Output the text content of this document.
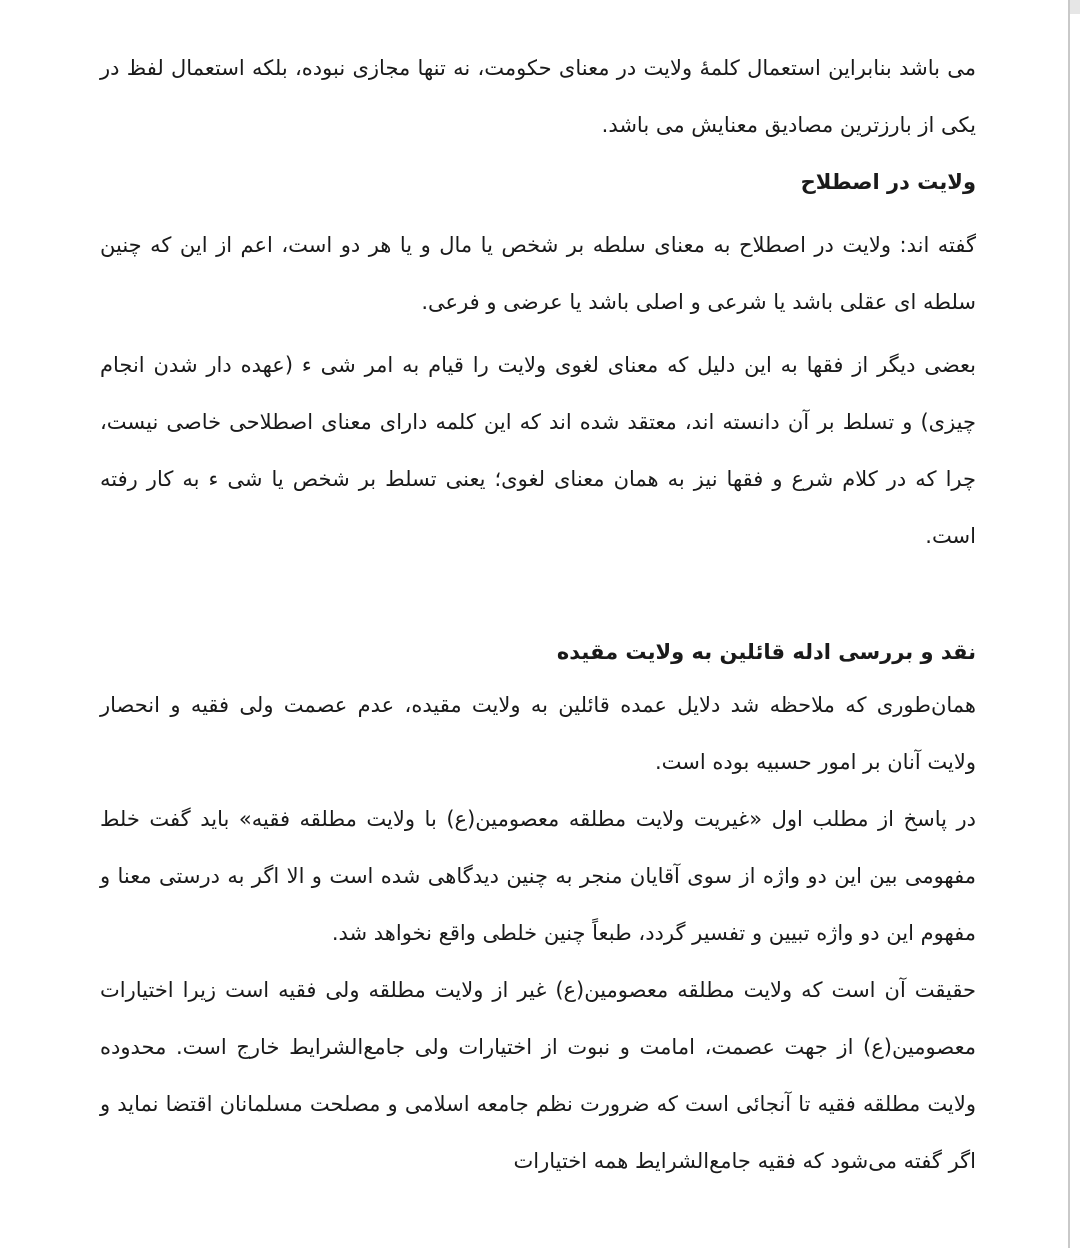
می باشد بنابراین استعمال کلمۀ ولایت در معنای حکومت، نه تنها مجازی نبوده، بلکه استعمال لفظ در یکی از بارزترین مصادیق معنایش می باشد.

ولایت در اصطلاح

گفته اند: ولایت در اصطلاح به معنای سلطه بر شخص یا مال و یا هر دو است، اعم از این که چنین سلطه ای عقلی باشد یا شرعی و اصلی باشد یا عرضی و فرعی.

بعضی دیگر از فقها به این دلیل که معنای لغوی ولایت را قیام به امر شی ء (عهده دار شدن انجام چیزی) و تسلط بر آن دانسته اند، معتقد شده اند که این کلمه دارای معنای اصطلاحی خاصی نیست، چرا که در کلام شرع و فقها نیز به همان معنای لغوی؛ یعنی تسلط بر شخص یا شی ء به کار رفته است.

نقد و بررسی ادله قائلین به ولایت مقیده

همان‌طوری که ملاحظه شد دلایل عمده قائلین به ولایت مقیده، عدم عصمت ولی فقیه و انحصار ولایت آنان بر امور حسبیه بوده است.

در پاسخ از مطلب اول «غیریت ولایت مطلقه معصومین(ع) با ولایت مطلقه فقیه» باید گفت خلط مفهومی بین این دو واژه از سوی آقایان منجر به چنین دیدگاهی شده است و الا اگر به درستی معنا و مفهوم این دو واژه تبیین و تفسیر گردد، طبعاً چنین خلطی واقع نخواهد شد.

حقیقت آن است که ولایت مطلقه معصومین(ع) غیر از ولایت مطلقه ولی فقیه است زیرا اختیارات معصومین(ع) از جهت عصمت، امامت و نبوت از اختیارات ولی جامع‌الشرایط خارج است. محدوده ولایت مطلقه فقیه تا آنجائی است که ضرورت نظم جامعه اسلامی و مصلحت مسلمانان اقتضا نماید و اگر گفته می‌شود که فقیه جامع‌الشرایط همه اختیارات
